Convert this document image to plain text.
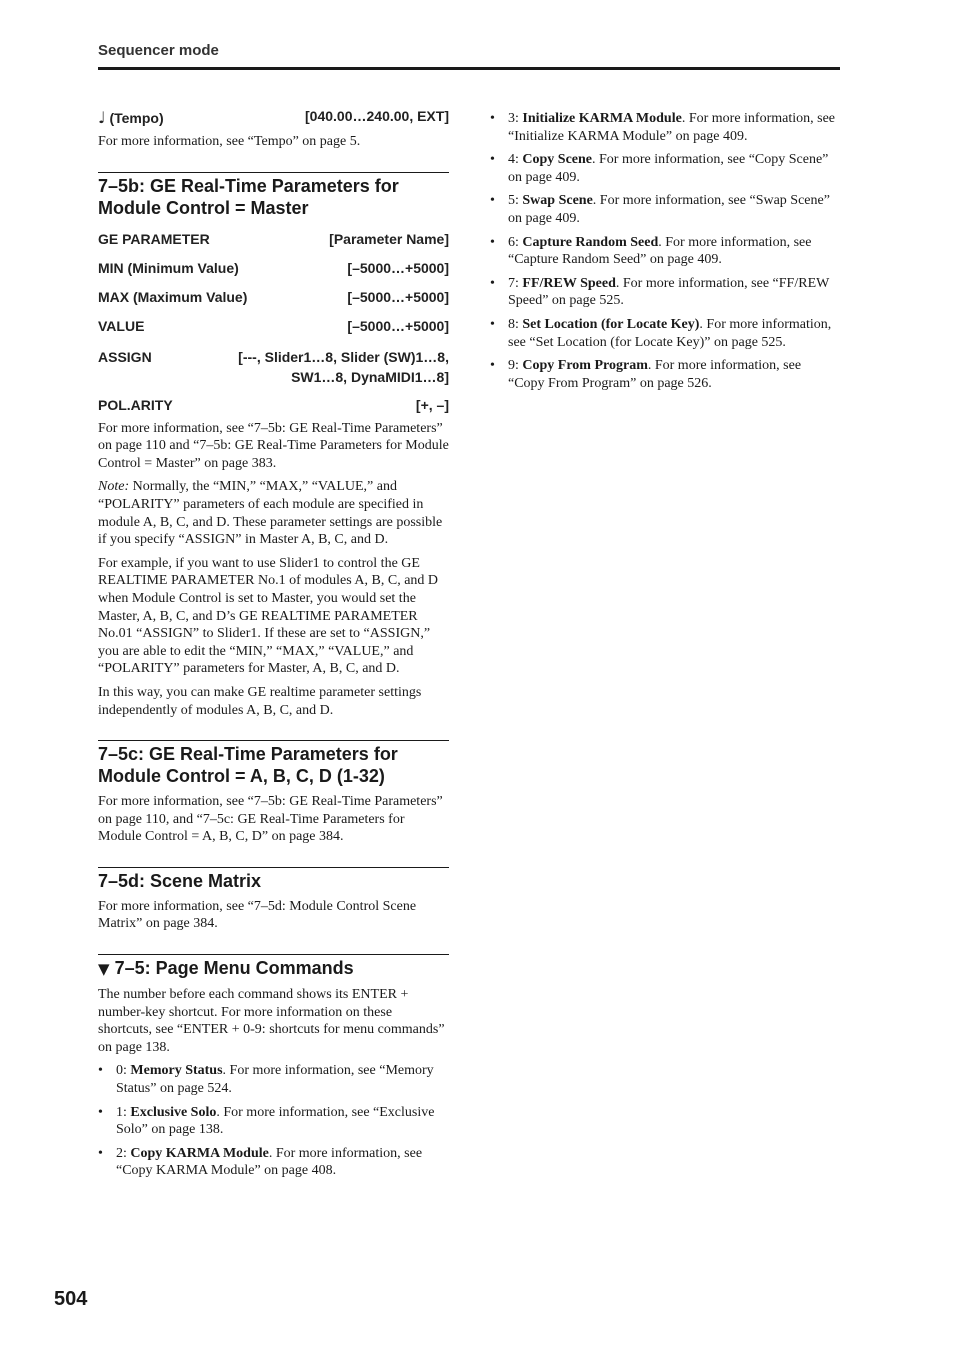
Sequencer mode
♩ (Tempo)	[040.00…240.00, EXT]

For more information, see “Tempo” on page 5.

7–5b: GE Real-Time Parameters for
Module Control = Master
GE PARAMETER	[Parameter Name]
MIN (Minimum Value)	[–5000…+5000]
MAX (Maximum Value)	[–5000…+5000]
VALUE	[–5000…+5000]
ASSIGN	[---, Slider1…8, Slider (SW)1…8,
SW1…8, DynaMIDI1…8]
POL.ARITY	[+, –]

For more information, see “7–5b: GE Real-Time Parameters” on page 110 and “7–5b: GE Real-Time Parameters for Module Control = Master” on page 383.

Note: Normally, the “MIN,” “MAX,” “VALUE,” and “POLARITY” parameters of each module are specified in module A, B, C, and D. These parameter settings are possible if you specify “ASSIGN” in Master A, B, C, and D.

For example, if you want to use Slider1 to control the GE REALTIME PARAMETER No.1 of modules A, B, C, and D when Module Control is set to Master, you would set the Master, A, B, C, and D’s GE REALTIME PARAMETER No.01 “ASSIGN” to Slider1. If these are set to “ASSIGN,” you are able to edit the “MIN,” “MAX,” “VALUE,” and “POLARITY” parameters for Master, A, B, C, and D.

In this way, you can make GE realtime parameter settings independently of modules A, B, C, and D.

7–5c: GE Real-Time Parameters for
Module Control = A, B, C, D (1-32)

For more information, see “7–5b: GE Real-Time Parameters” on page 110, and “7–5c: GE Real-Time Parameters for Module Control = A, B, C, D” on page 384.

7–5d: Scene Matrix

For more information, see “7–5d: Module Control Scene Matrix” on page 384.

▼ 7–5: Page Menu Commands

The number before each command shows its ENTER + number-key shortcut. For more information on these shortcuts, see “ENTER + 0-9: shortcuts for menu commands” on page 138.

• 0: Memory Status. For more information, see “Memory Status” on page 524.
• 1: Exclusive Solo. For more information, see “Exclusive Solo” on page 138.
• 2: Copy KARMA Module. For more information, see “Copy KARMA Module” on page 408.
• 3: Initialize KARMA Module. For more information, see “Initialize KARMA Module” on page 409.
• 4: Copy Scene. For more information, see “Copy Scene” on page 409.
• 5: Swap Scene. For more information, see “Swap Scene” on page 409.
• 6: Capture Random Seed. For more information, see “Capture Random Seed” on page 409.
• 7: FF/REW Speed. For more information, see “FF/REW Speed” on page 525.
• 8: Set Location (for Locate Key). For more information, see “Set Location (for Locate Key)” on page 525.
• 9: Copy From Program. For more information, see “Copy From Program” on page 526.
504
